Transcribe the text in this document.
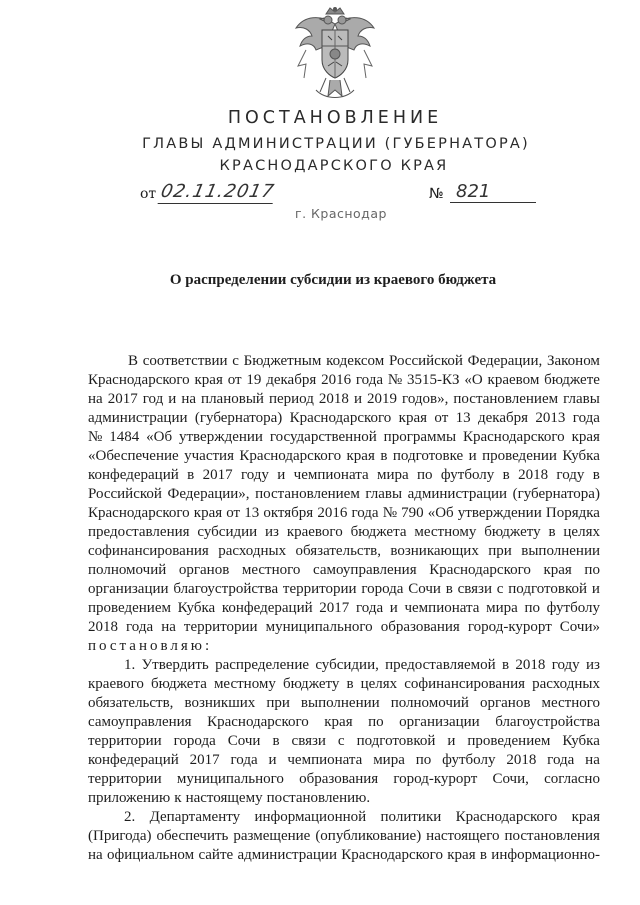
ПОСТАНОВЛЕНИЕ
ГЛАВЫ АДМИНИСТРАЦИИ (ГУБЕРНАТОРА)
КРАСНОДАРСКОГО КРАЯ
от 02.11.2017	№ 821
г. Краснодар
О распределении субсидии из краевого бюджета
В соответствии с Бюджетным кодексом Российской Федерации, Законом
Краснодарского края от 19 декабря 2016 года № 3515-КЗ «О краевом бюджете
на 2017 год и на плановый период 2018 и 2019 годов», постановлением главы
администрации (губернатора) Краснодарского края от 13 декабря 2013 года
№ 1484 «Об утверждении государственной программы Краснодарского края
«Обеспечение участия Краснодарского края в подготовке и проведении Кубка
конфедераций в 2017 году и чемпионата мира по футболу в 2018 году в
Российской Федерации», постановлением главы администрации (губернатора)
Краснодарского края от 13 октября 2016 года № 790 «Об утверждении Порядка
предоставления субсидии из краевого бюджета местному бюджету в целях
софинансирования расходных обязательств, возникающих при выполнении
полномочий органов местного самоуправления Краснодарского края по
организации благоустройства территории города Сочи в связи с подготовкой и
проведением Кубка конфедераций 2017 года и чемпионата мира по футболу
2018 года на территории муниципального образования город-курорт Сочи»
постановляю:
1. Утвердить распределение субсидии, предоставляемой в 2018 году из
краевого бюджета местному бюджету в целях софинансирования расходных
обязательств, возникших при выполнении полномочий органов местного
самоуправления Краснодарского края по организации благоустройства
территории города Сочи в связи с подготовкой и проведением Кубка
конфедераций 2017 года и чемпионата мира по футболу 2018 года на
территории муниципального образования город-курорт Сочи, согласно
приложению к настоящему постановлению.
2. Департаменту информационной политики Краснодарского края
(Пригода) обеспечить размещение (опубликование) настоящего постановления
на официальном сайте администрации Краснодарского края в информационно-
